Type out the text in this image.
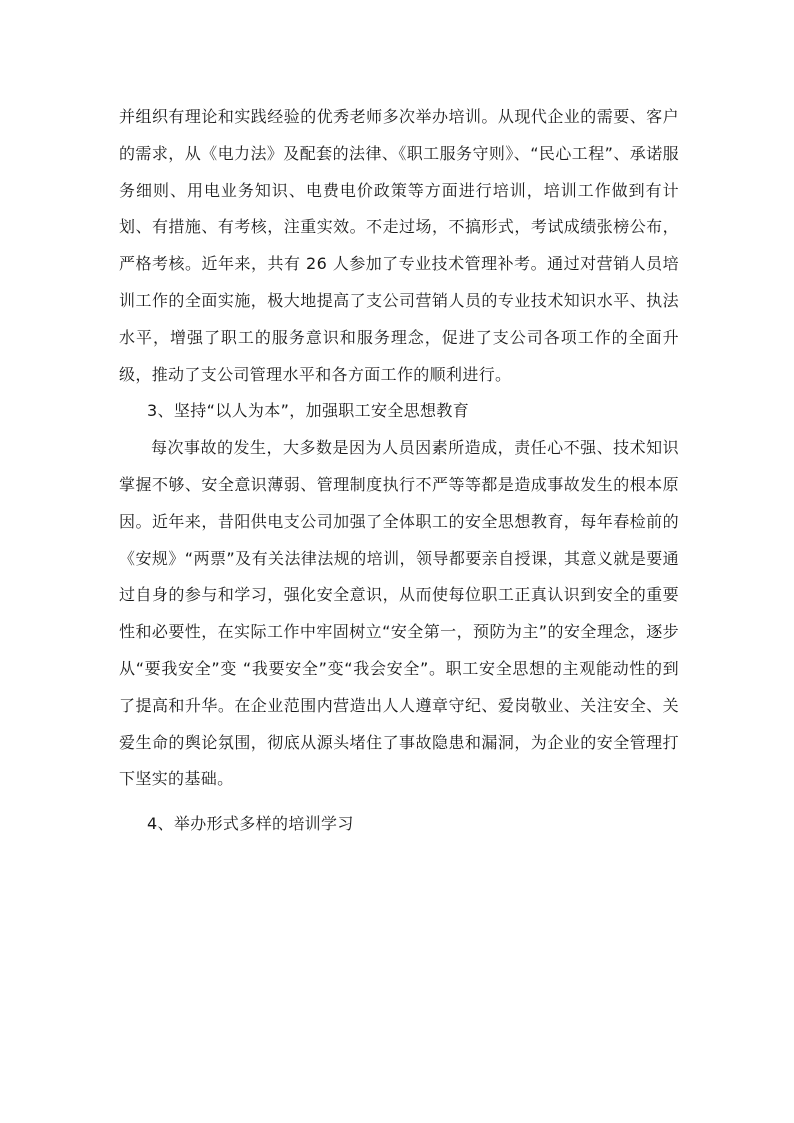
并组织有理论和实践经验的优秀老师多次举办培训。从现代企业的需要、客户的需求，从《电力法》及配套的法律、《职工服务守则》、“民心工程”、承诺服务细则、用电业务知识、电费电价政策等方面进行培训，培训工作做到有计划、有措施、有考核，注重实效。不走过场，不搞形式，考试成绩张榜公布，严格考核。近年来，共有 26 人参加了专业技术管理补考。通过对营销人员培训工作的全面实施，极大地提高了支公司营销人员的专业技术知识水平、执法水平，增强了职工的服务意识和服务理念，促进了支公司各项工作的全面升级，推动了支公司管理水平和各方面工作的顺利进行。

3、坚持“以人为本”，加强职工安全思想教育

每次事故的发生，大多数是因为人员因素所造成，责任心不强、技术知识掌握不够、安全意识薄弱、管理制度执行不严等等都是造成事故发生的根本原因。近年来，昔阳供电支公司加强了全体职工的安全思想教育，每年春检前的《安规》“两票”及有关法律法规的培训，领导都要亲自授课，其意义就是要通过自身的参与和学习，强化安全意识，从而使每位职工正真认识到安全的重要性和必要性，在实际工作中牢固树立“安全第一，预防为主”的安全理念，逐步从“要我安全”变 “我要安全”变“我会安全”。职工安全思想的主观能动性的到了提高和升华。在企业范围内营造出人人遵章守纪、爱岗敬业、关注安全、关爱生命的舆论氛围，彻底从源头堵住了事故隐患和漏洞，为企业的安全管理打下坚实的基础。

4、举办形式多样的培训学习
